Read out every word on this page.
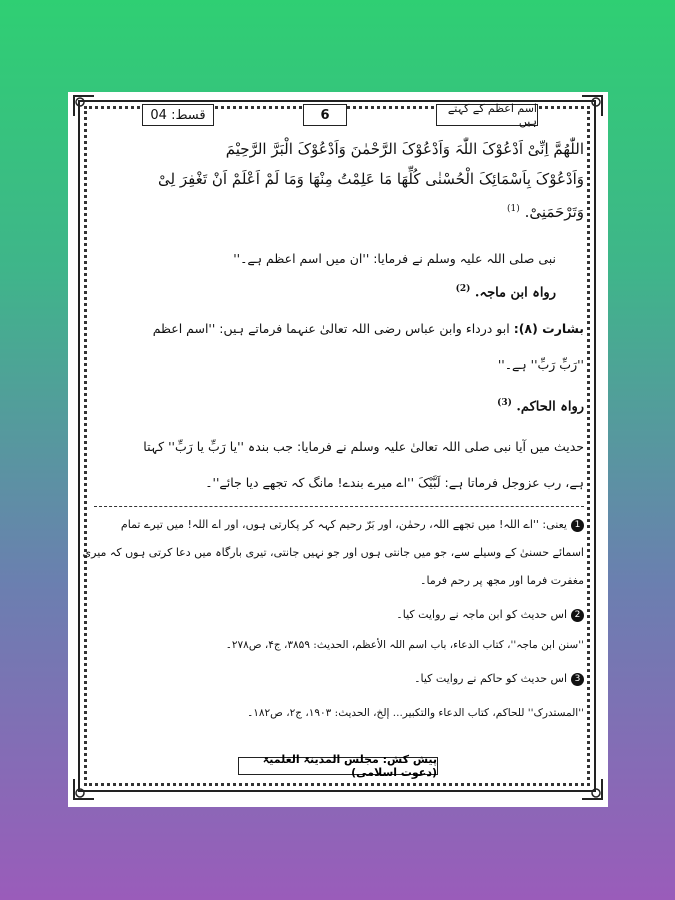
قسط: 04	6	اسم اعظم کے کہتے ہیں
اللّٰهُمَّ اِنِّیْ اَدْعُوْکَ اللّٰہَ وَاَدْعُوْکَ الرَّحْمٰنَ وَاَدْعُوْکَ الْبَرَّ الرَّحِیْمَ
وَاَدْعُوْکَ بِاَسْمَائِکَ الْحُسْنٰی کُلِّھَا مَا عَلِمْتُ مِنْھَا وَمَا لَمْ اَعْلَمْ اَنْ تَغْفِرَ لِیْ
وَتَرْحَمَنِیْ. $^{(1)}$
نبی صلی اللہ علیہ وسلم نے فرمایا: ''ان میں اسم اعظم ہے۔''
رواہ ابن ماجہ. $^{(2)}$
بشارت (۸): ابو درداء وابن عباس رضی اللہ تعالیٰ عنہما فرماتے ہیں: ''اسم اعظم
''رَبِّ رَبِّ'' ہے۔''
رواہ الحاکم. $^{(3)}$
حدیث میں آیا نبی صلی اللہ تعالیٰ علیہ وسلم نے فرمایا: جب بندہ ''یا رَبِّ یا رَبِّ'' کہتا
ہے، رب عزوجل فرماتا ہے: لَبَّیْکَ ''اے میرے بندے! مانگ کہ تجھے دیا جائے''۔
1یعنی: ''اے اللہ! میں تجھے اللہ، رحمٰن، اور بَرّ رحیم کہہ کر پکارتی ہوں، اور اے اللہ! میں تیرے تمام
اسمائے حسنیٰ کے وسیلے سے، جو میں جانتی ہوں اور جو نہیں جانتی، تیری بارگاہ میں دعا کرتی ہوں کہ میری
مغفرت فرما اور مجھ پر رحم فرما۔
2اس حدیث کو ابن ماجہ نے روایت کیا۔
''سنن ابن ماجہ''، کتاب الدعاء، باب اسم اللہ الأعظم، الحدیث: ۳۸۵۹، ج۴، ص۲۷۸۔
3اس حدیث کو حاکم نے روایت کیا۔
''المستدرک'' للحاکم، کتاب الدعاء والتکبیر... إلخ، الحدیث: ۱۹۰۳، ج۲، ص۱۸۲۔
پیش کش: مجلس المدینۃ العلمیۃ (دعوت اسلامی)
